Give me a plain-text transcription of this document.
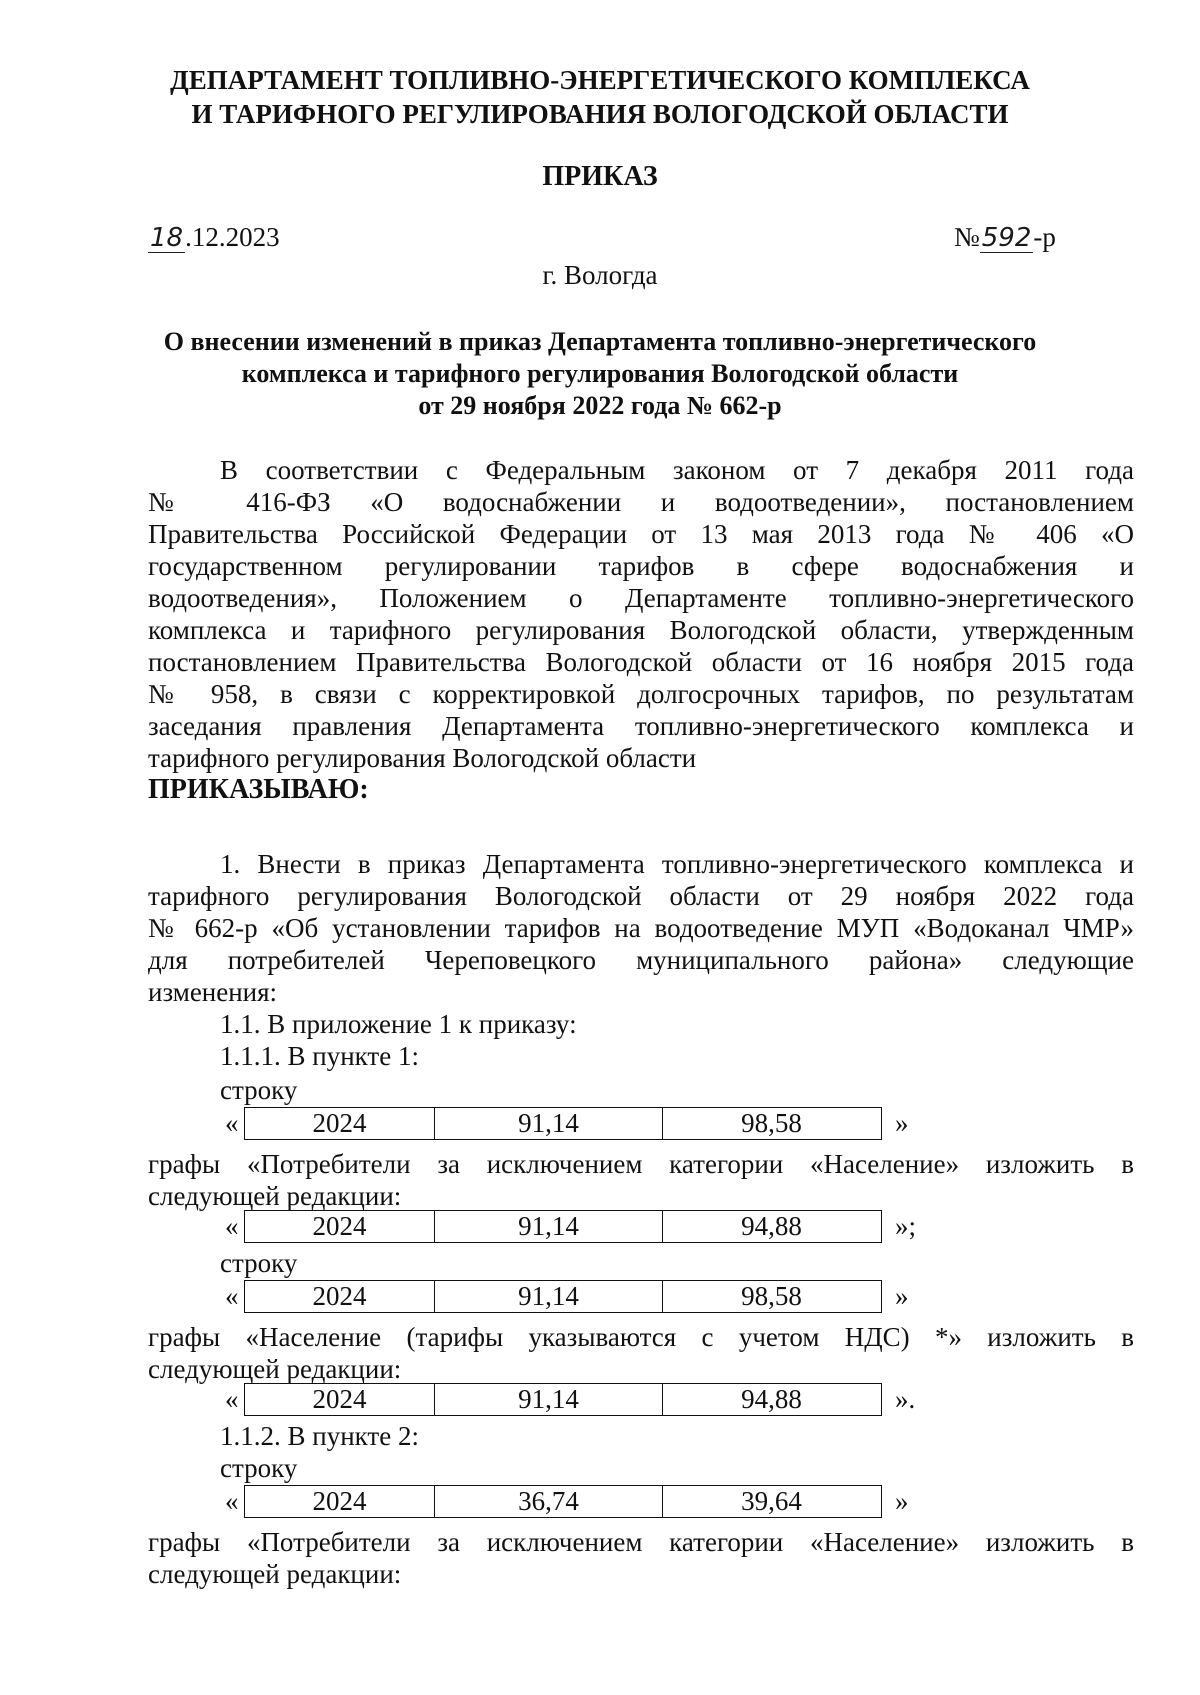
ДЕПАРТАМЕНТ ТОПЛИВНО-ЭНЕРГЕТИЧЕСКОГО КОМПЛЕКСА
И ТАРИФНОГО РЕГУЛИРОВАНИЯ ВОЛОГОДСКОЙ ОБЛАСТИ
ПРИКАЗ
18.12.2023	№592-р
г. Вологда
О внесении изменений в приказ Департамента топливно-энергетического
комплекса и тарифного регулирования Вологодской области
от 29 ноября 2022 года № 662-р
В соответствии с Федеральным законом от 7 декабря 2011 года
№ 416-ФЗ «О водоснабжении и водоотведении», постановлением
Правительства Российской Федерации от 13 мая 2013 года № 406 «О
государственном регулировании тарифов в сфере водоснабжения и
водоотведения», Положением о Департаменте топливно-энергетического
комплекса и тарифного регулирования Вологодской области, утвержденным
постановлением Правительства Вологодской области от 16 ноября 2015 года
№ 958, в связи с корректировкой долгосрочных тарифов, по результатам
заседания правления Департамента топливно-энергетического комплекса и
тарифного регулирования Вологодской области
ПРИКАЗЫВАЮ:
1. Внести в приказ Департамента топливно-энергетического комплекса и
тарифного регулирования Вологодской области от 29 ноября 2022 года
№ 662-р «Об установлении тарифов на водоотведение МУП «Водоканал ЧМР»
для потребителей Череповецкого муниципального района» следующие
изменения:
1.1. В приложение 1 к приказу:
1.1.1. В пункте 1:
строку
«	2024	91,14	98,58	»
графы «Потребители за исключением категории «Население» изложить в
следующей редакции:
«	2024	91,14	94,88	»;
строку
«	2024	91,14	98,58	»
графы «Население (тарифы указываются с учетом НДС) *» изложить в
следующей редакции:
«	2024	91,14	94,88	».
1.1.2. В пункте 2:
строку
«	2024	36,74	39,64	»
графы «Потребители за исключением категории «Население» изложить в
следующей редакции:
